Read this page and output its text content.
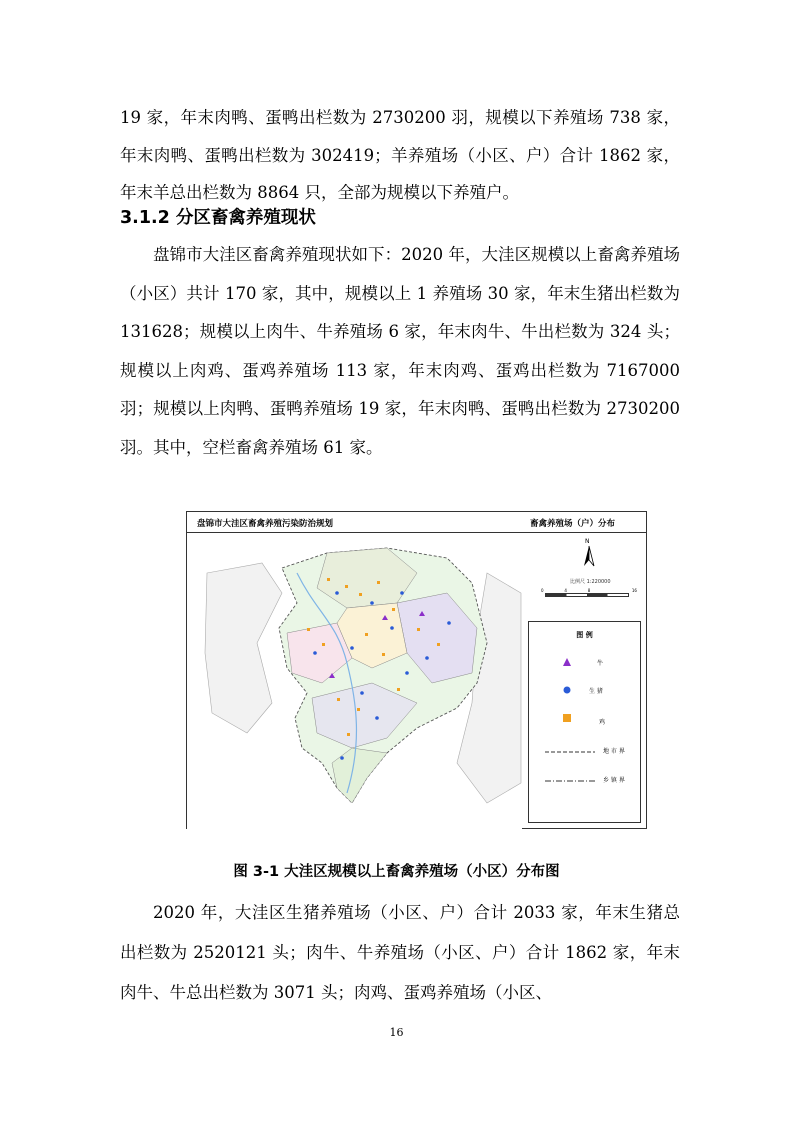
19 家，年末肉鸭、蛋鸭出栏数为 2730200 羽，规模以下养殖场 738 家，年末肉鸭、蛋鸭出栏数为 302419；羊养殖场（小区、户）合计 1862 家，年末羊总出栏数为 8864 只，全部为规模以下养殖户。

3.1.2 分区畜禽养殖现状

盘锦市大洼区畜禽养殖现状如下：2020 年，大洼区规模以上畜禽养殖场（小区）共计 170 家，其中，规模以上 1 养殖场 30 家，年末生猪出栏数为 131628；规模以上肉牛、牛养殖场 6 家，年末肉牛、牛出栏数为 324 头；规模以上肉鸡、蛋鸡养殖场 113 家，年末肉鸡、蛋鸡出栏数为 7167000 羽；规模以上肉鸭、蛋鸭养殖场 19 家，年末肉鸭、蛋鸭出栏数为 2730200 羽。其中，空栏畜禽养殖场 61 家。

盘锦市大洼区畜禽养殖污染防治规划	畜禽养殖场（户）分布
N
比例尺 1:220000
0	4	8	16
图 例
牛
生 猪
鸡
地 市 界
乡 镇 界

图 3-1 大洼区规模以上畜禽养殖场（小区）分布图

2020 年，大洼区生猪养殖场（小区、户）合计 2033 家，年末生猪总出栏数为 2520121 头；肉牛、牛养殖场（小区、户）合计 1862 家，年末肉牛、牛总出栏数为 3071 头；肉鸡、蛋鸡养殖场（小区、

16
